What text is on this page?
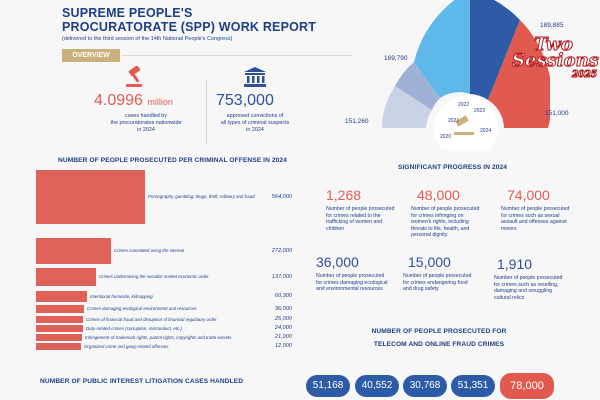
SUPREME PEOPLE'S
PROCURATORATE (SPP) WORK REPORT
(delivered to the third session of the 14th National People's Congress)
OVERVIEW
4.0996 million
cases handled by
the procuratorates nationwide
in 2024
753,000
approved convictions of
all types of criminal suspects
in 2024
2020
2021
2022
2023
2024
151,260
169,790
189,885
151,000
Two
Sessions
2025
NUMBER OF PEOPLE PROSECUTED PER CRIMINAL OFFENSE IN 2024
Pornography, gambling, drugs, theft, robbery and fraud	564,000
Crimes committed using the internet	272,000
Crimes undermining the socialist market economic order	137,000
Intentional homicide, kidnapping	60,300
Crimes damaging ecological environment and resources	36,000
Crimes of financial fraud and disruption of financial regulatory order	25,000
Duty-related crimes (corruption, misconduct, etc.)	24,000
Infringement of trademark rights, patent rights, copyrights and trade secrets	21,000
Organized crime and gang-related offenses	12,000
SIGNIFICANT PROGRESS IN 2024
1,268
Number of people prosecuted
for crimes related to the
trafficking of women and
children
48,000
Number of people prosecuted
for crimes infringing on
women's rights, including
threats to life, health, and
personal dignity
74,000
Number of people prosecuted
for crimes such as sexual
assault and offenses against
minors
36,000
Number of people prosecuted
for crimes damaging ecological
and environmental resources
15,000
Number of people prosecuted
for crimes endangering food
and drug safety
1,910
Number of people prosecuted
for crimes such as reselling,
damaging and smuggling
cultural relics
NUMBER OF PEOPLE PROSECUTED FOR
TELECOM AND ONLINE FRAUD CRIMES
51,168	40,552	30,768	51,351	78,000
NUMBER OF PUBLIC INTEREST LITIGATION CASES HANDLED
